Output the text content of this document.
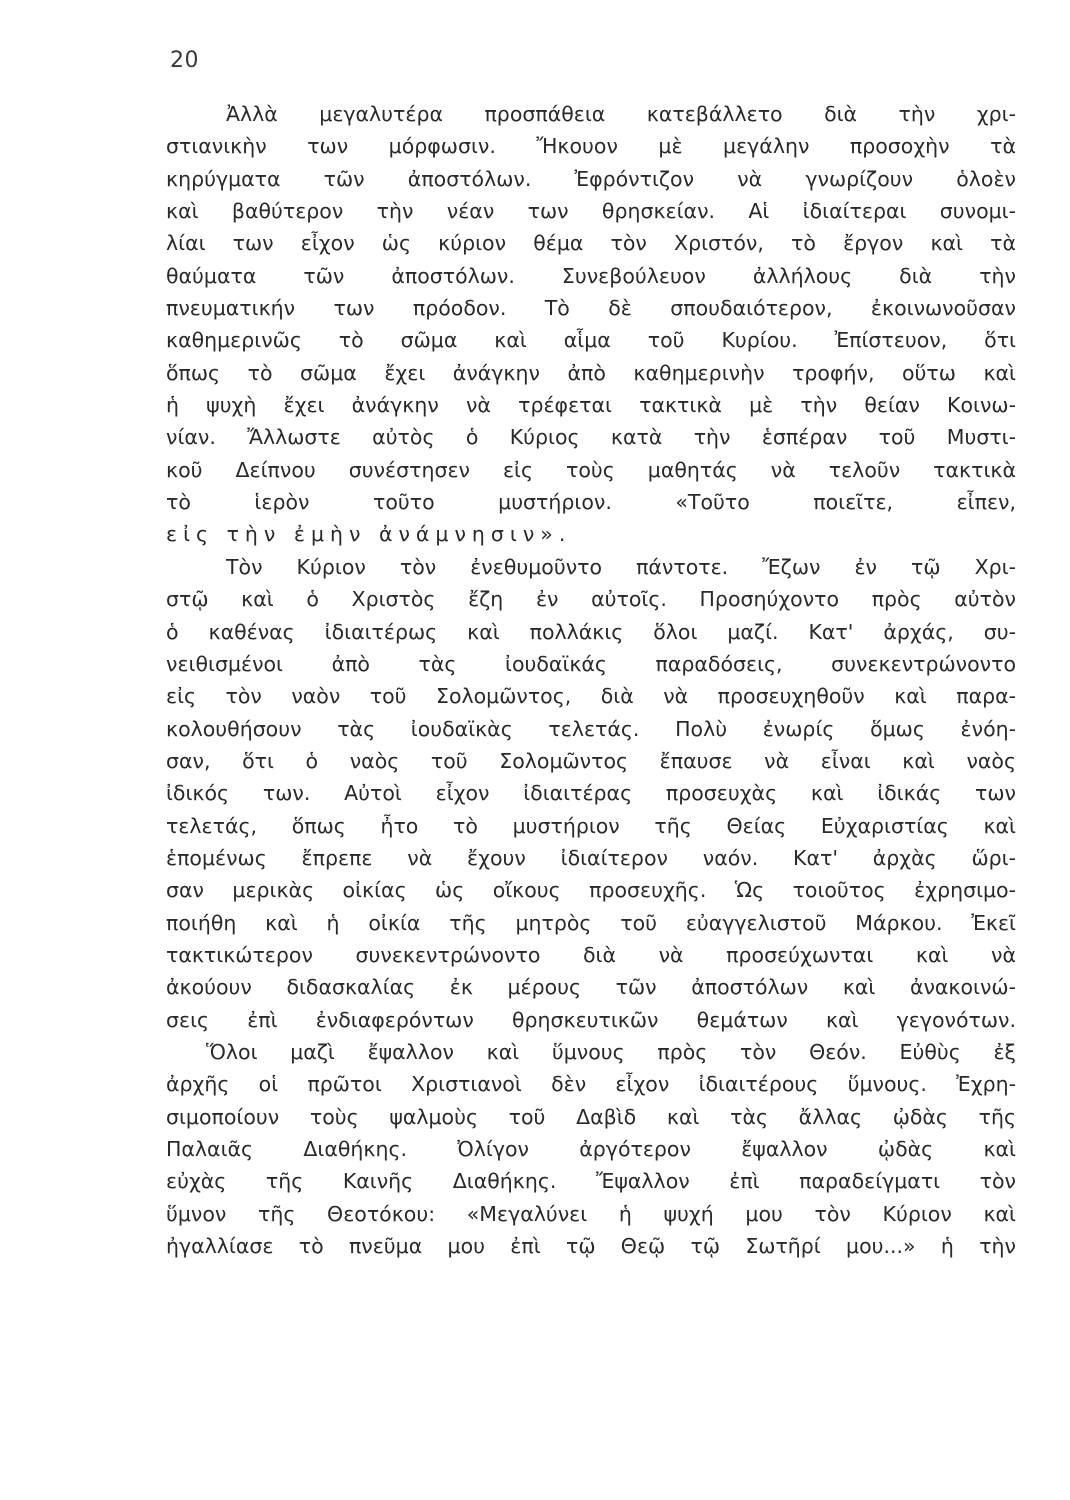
20
Ἀλλὰ μεγαλυτέρα προσπάθεια κατεβάλλετο διὰ τὴν χρι-
στιανικὴν των μόρφωσιν. Ἤκουον μὲ μεγάλην προσοχὴν τὰ
κηρύγματα τῶν ἀποστόλων. Ἐφρόντιζον νὰ γνωρίζουν ὁλοὲν
καὶ βαθύτερον τὴν νέαν των θρησκείαν. Αἱ ἰδιαίτεραι συνομι-
λίαι των εἶχον ὡς κύριον θέμα τὸν Χριστόν, τὸ ἔργον καὶ τὰ
θαύματα τῶν ἀποστόλων. Συνεβούλευον ἀλλήλους διὰ τὴν
πνευματικήν των πρόοδον. Τὸ δὲ σπουδαιότερον, ἐκοινωνοῦσαν
καθημερινῶς τὸ σῶμα καὶ αἷμα τοῦ Κυρίου. Ἐπίστευον, ὅτι
ὅπως τὸ σῶμα ἔχει ἀνάγκην ἀπὸ καθημερινὴν τροφήν, οὕτω καὶ
ἡ ψυχὴ ἔχει ἀνάγκην νὰ τρέφεται τακτικὰ μὲ τὴν θείαν Κοινω-
νίαν. Ἄλλωστε αὐτὸς ὁ Κύριος κατὰ τὴν ἑσπέραν τοῦ Μυστι-
κοῦ Δείπνου συνέστησεν εἰς τοὺς μαθητάς νὰ τελοῦν τακτικὰ
τὸ ἱερὸν τοῦτο μυστήριον. «Τοῦτο ποιεῖτε, εἶπεν,
εἰς τὴν ἐμὴν ἀνάμνησιν».
Τὸν Κύριον τὸν ἐνεθυμοῦντο πάντοτε. Ἔζων ἐν τῷ Χρι-
στῷ καὶ ὁ Χριστὸς ἔζη ἐν αὐτοῖς. Προσηύχοντο πρὸς αὐτὸν
ὁ καθένας ἰδιαιτέρως καὶ πολλάκις ὅλοι μαζί. Κατ' ἀρχάς, συ-
νειθισμένοι ἀπὸ τὰς ἰουδαϊκάς παραδόσεις, συνεκεντρώνοντο
εἰς τὸν ναὸν τοῦ Σολομῶντος, διὰ νὰ προσευχηθοῦν καὶ παρα-
κολουθήσουν τὰς ἰουδαϊκὰς τελετάς. Πολὺ ἐνωρίς ὅμως ἐνόη-
σαν, ὅτι ὁ ναὸς τοῦ Σολομῶντος ἔπαυσε νὰ εἶναι καὶ ναὸς
ἰδικός των. Αὐτοὶ εἶχον ἰδιαιτέρας προσευχὰς καὶ ἰδικάς των
τελετάς, ὅπως ἦτο τὸ μυστήριον τῆς Θείας Εὐχαριστίας καὶ
ἑπομένως ἔπρεπε νὰ ἔχουν ἰδιαίτερον ναόν. Κατ' ἀρχὰς ὥρι-
σαν μερικὰς οἰκίας ὡς οἴκους προσευχῆς. Ὡς τοιοῦτος ἐχρησιμο-
ποιήθη καὶ ἡ οἰκία τῆς μητρὸς τοῦ εὐαγγελιστοῦ Μάρκου. Ἐκεῖ
τακτικώτερον συνεκεντρώνοντο διὰ νὰ προσεύχωνται καὶ νὰ
ἀκούουν διδασκαλίας ἐκ μέρους τῶν ἀποστόλων καὶ ἀνακοινώ-
σεις ἐπὶ ἐνδιαφερόντων θρησκευτικῶν θεμάτων καὶ γεγονότων.
Ὅλοι μαζὶ ἔψαλλον καὶ ὕμνους πρὸς τὸν Θεόν. Εὐθὺς ἐξ
ἀρχῆς οἱ πρῶτοι Χριστιανοὶ δὲν εἶχον ἰδιαιτέρους ὕμνους. Ἐχρη-
σιμοποίουν τοὺς ψαλμοὺς τοῦ Δαβὶδ καὶ τὰς ἄλλας ᾠδὰς τῆς
Παλαιᾶς Διαθήκης. Ὀλίγον ἀργότερον ἔψαλλον ᾠδὰς καὶ
εὐχὰς τῆς Καινῆς Διαθήκης. Ἔψαλλον ἐπὶ παραδείγματι τὸν
ὕμνον τῆς Θεοτόκου: «Μεγαλύνει ἡ ψυχή μου τὸν Κύριον καὶ
ἠγαλλίασε τὸ πνεῦμα μου ἐπὶ τῷ Θεῷ τῷ Σωτῆρί μου...» ἡ τὴν
